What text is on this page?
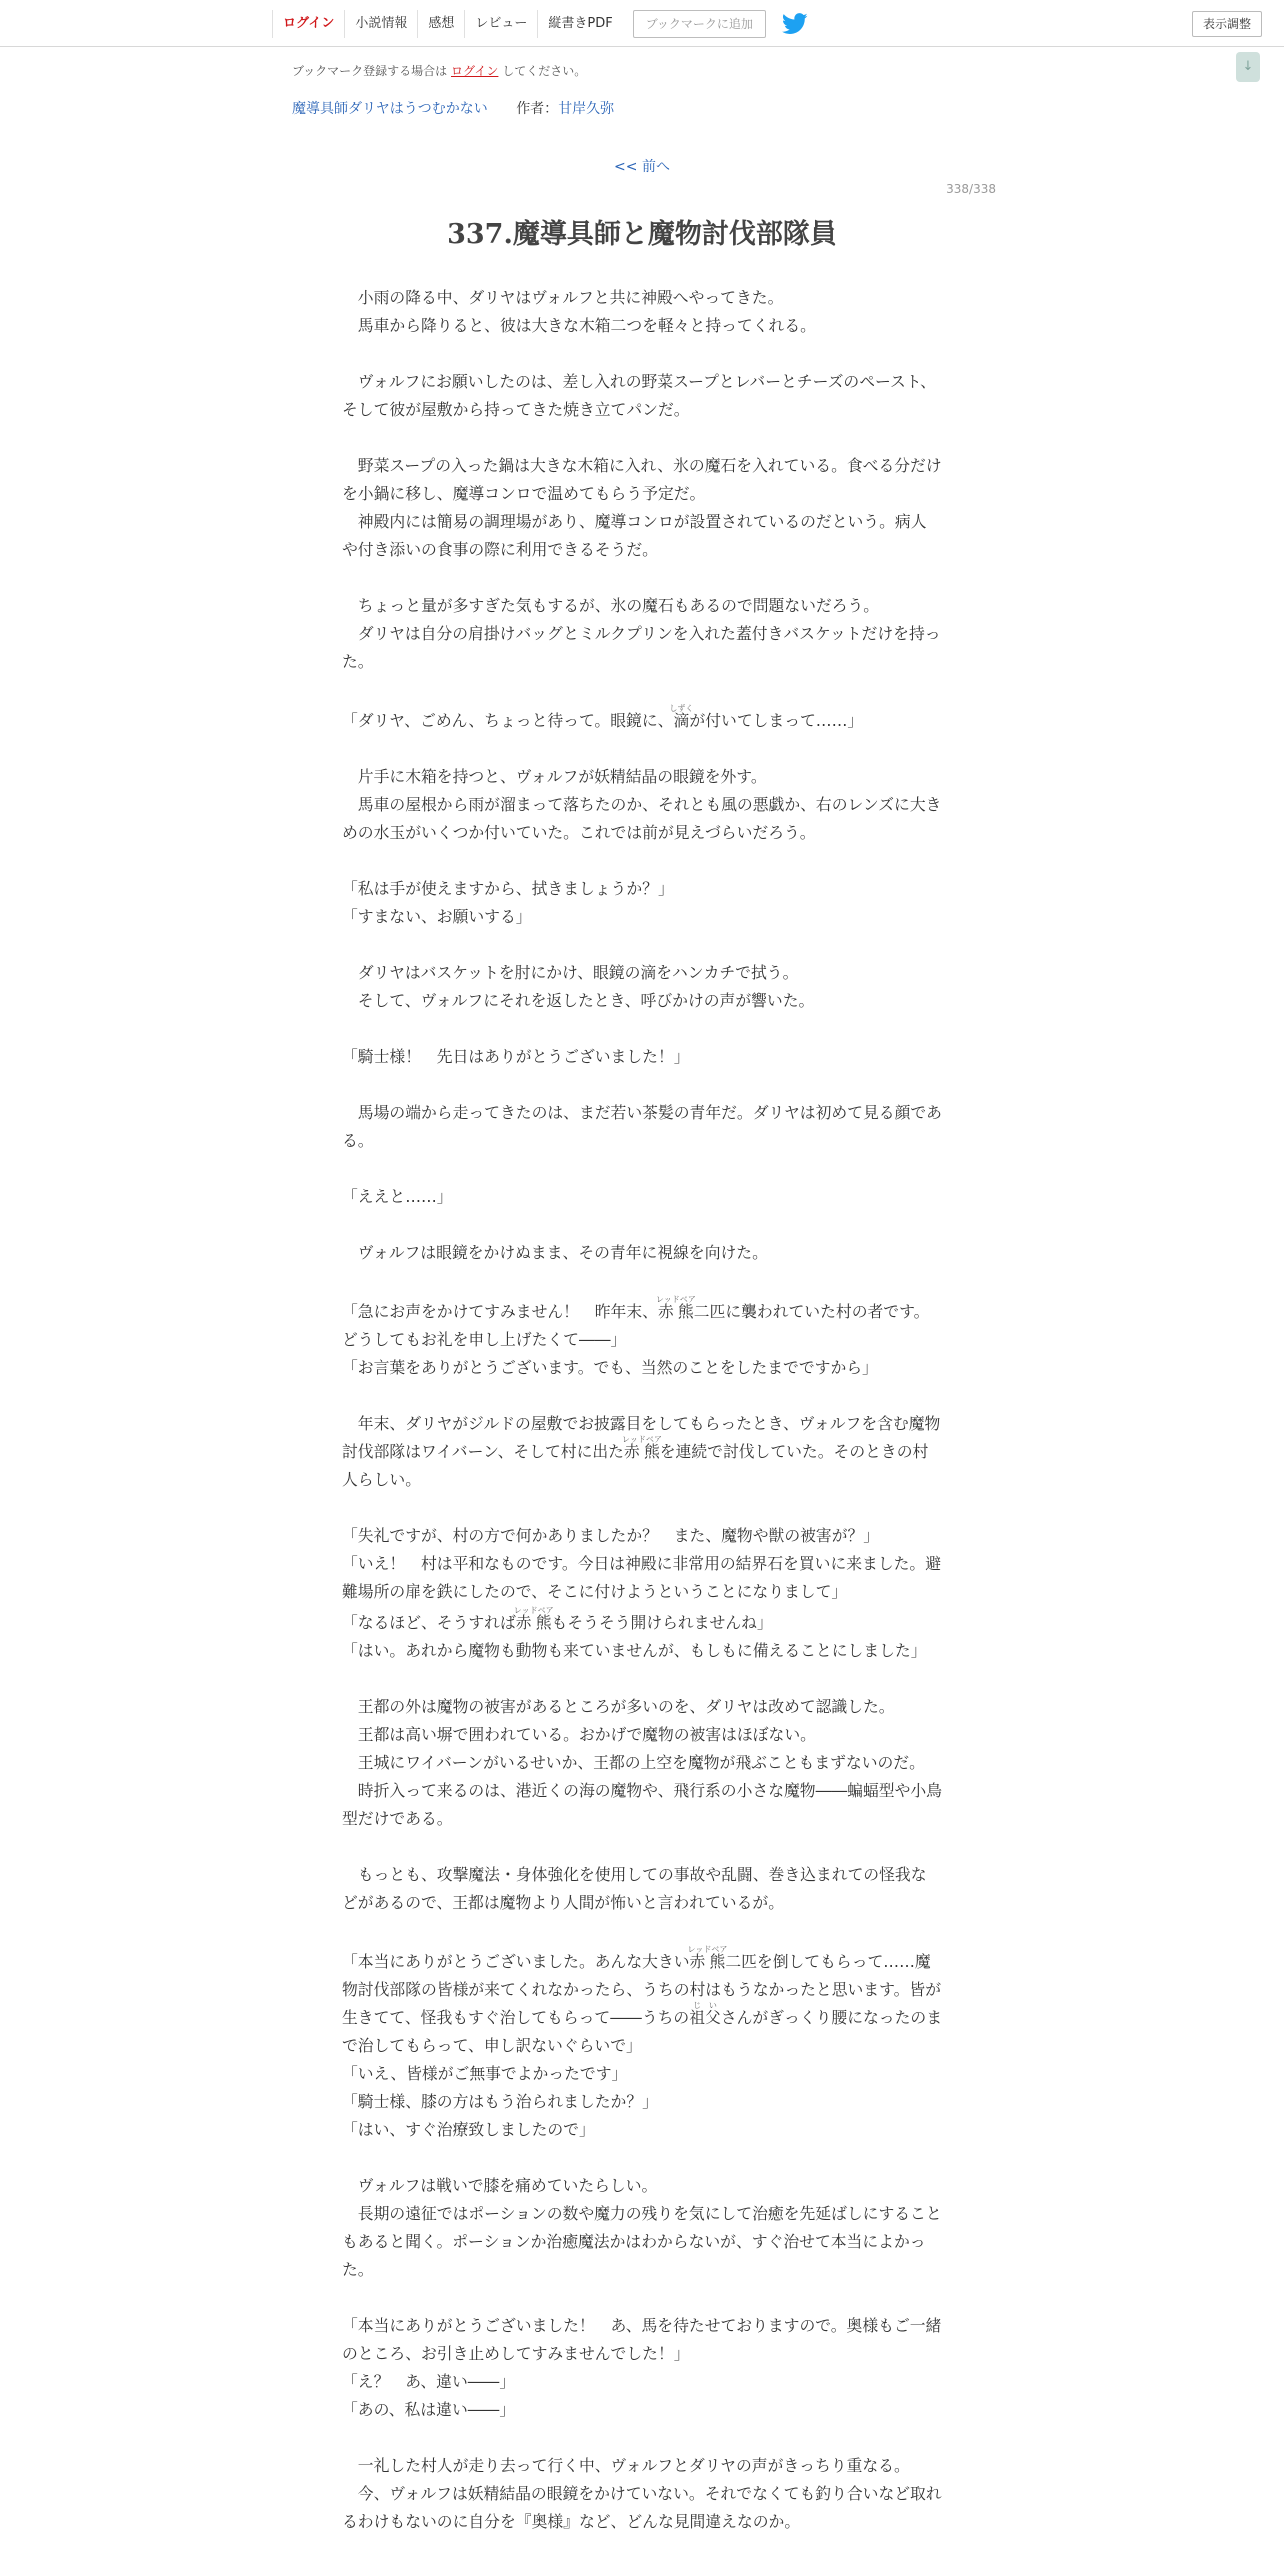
ログイン	小説情報	感想	レビュー	縦書きPDF	ブックマークに追加	表示調整
↓
ブックマーク登録する場合は ログイン してください。
魔導具師ダリヤはうつむかない 作者：甘岸久弥
<< 前へ
338/338
337.魔導具師と魔物討伐部隊員

　小雨の降る中、ダリヤはヴォルフと共に神殿へやってきた。

　馬車から降りると、彼は大きな木箱二つを軽々と持ってくれる。

　ヴォルフにお願いしたのは、差し入れの野菜スープとレバーとチーズのペースト、そして彼が屋敷から持ってきた焼き立てパンだ。

　野菜スープの入った鍋は大きな木箱に入れ、氷の魔石を入れている。食べる分だけを小鍋に移し、魔導コンロで温めてもらう予定だ。

　神殿内には簡易の調理場があり、魔導コンロが設置されているのだという。病人や付き添いの食事の際に利用できるそうだ。

　ちょっと量が多すぎた気もするが、氷の魔石もあるので問題ないだろう。

　ダリヤは自分の肩掛けバッグとミルクプリンを入れた蓋付きバスケットだけを持った。

「ダリヤ、ごめん、ちょっと待って。眼鏡に、滴しずくが付いてしまって……」

　片手に木箱を持つと、ヴォルフが妖精結晶の眼鏡を外す。

　馬車の屋根から雨が溜まって落ちたのか、それとも風の悪戯か、右のレンズに大きめの水玉がいくつか付いていた。これでは前が見えづらいだろう。

「私は手が使えますから、拭きましょうか？」

「すまない、お願いする」

　ダリヤはバスケットを肘にかけ、眼鏡の滴をハンカチで拭う。

　そして、ヴォルフにそれを返したとき、呼びかけの声が響いた。

「騎士様！　先日はありがとうございました！」

　馬場の端から走ってきたのは、まだ若い茶髪の青年だ。ダリヤは初めて見る顔である。

「ええと……」

　ヴォルフは眼鏡をかけぬまま、その青年に視線を向けた。

「急にお声をかけてすみません！　昨年末、赤熊レッドベア二匹に襲われていた村の者です。どうしてもお礼を申し上げたくて――」

「お言葉をありがとうございます。でも、当然のことをしたまでですから」

　年末、ダリヤがジルドの屋敷でお披露目をしてもらったとき、ヴォルフを含む魔物討伐部隊はワイバーン、そして村に出た赤熊レッドベアを連続で討伐していた。そのときの村人らしい。

「失礼ですが、村の方で何かありましたか？　また、魔物や獣の被害が？」

「いえ！　村は平和なものです。今日は神殿に非常用の結界石を買いに来ました。避難場所の扉を鉄にしたので、そこに付けようということになりまして」

「なるほど、そうすれば赤熊レッドベアもそうそう開けられませんね」

「はい。あれから魔物も動物も来ていませんが、もしもに備えることにしました」

　王都の外は魔物の被害があるところが多いのを、ダリヤは改めて認識した。

　王都は高い塀で囲われている。おかげで魔物の被害はほぼない。

　王城にワイバーンがいるせいか、王都の上空を魔物が飛ぶこともまずないのだ。

　時折入って来るのは、港近くの海の魔物や、飛行系の小さな魔物――蝙蝠型や小鳥型だけである。

　もっとも、攻撃魔法・身体強化を使用しての事故や乱闘、巻き込まれての怪我などがあるので、王都は魔物より人間が怖いと言われているが。

「本当にありがとうございました。あんな大きい赤熊レッドベア二匹を倒してもらって……魔物討伐部隊の皆様が来てくれなかったら、うちの村はもうなかったと思います。皆が生きてて、怪我もすぐ治してもらって――うちの祖父じいさんがぎっくり腰になったのまで治してもらって、申し訳ないぐらいで」

「いえ、皆様がご無事でよかったです」

「騎士様、膝の方はもう治られましたか？」

「はい、すぐ治療致しましたので」

　ヴォルフは戦いで膝を痛めていたらしい。

　長期の遠征ではポーションの数や魔力の残りを気にして治癒を先延ばしにすることもあると聞く。ポーションか治癒魔法かはわからないが、すぐ治せて本当によかった。

「本当にありがとうございました！　あ、馬を待たせておりますので。奥様もご一緒のところ、お引き止めしてすみませんでした！」

「え？　あ、違い――」

「あの、私は違い――」

　一礼した村人が走り去って行く中、ヴォルフとダリヤの声がきっちり重なる。

　今、ヴォルフは妖精結晶の眼鏡をかけていない。それでなくても釣り合いなど取れるわけもないのに自分を『奥様』など、どんな見間違えなのか。
